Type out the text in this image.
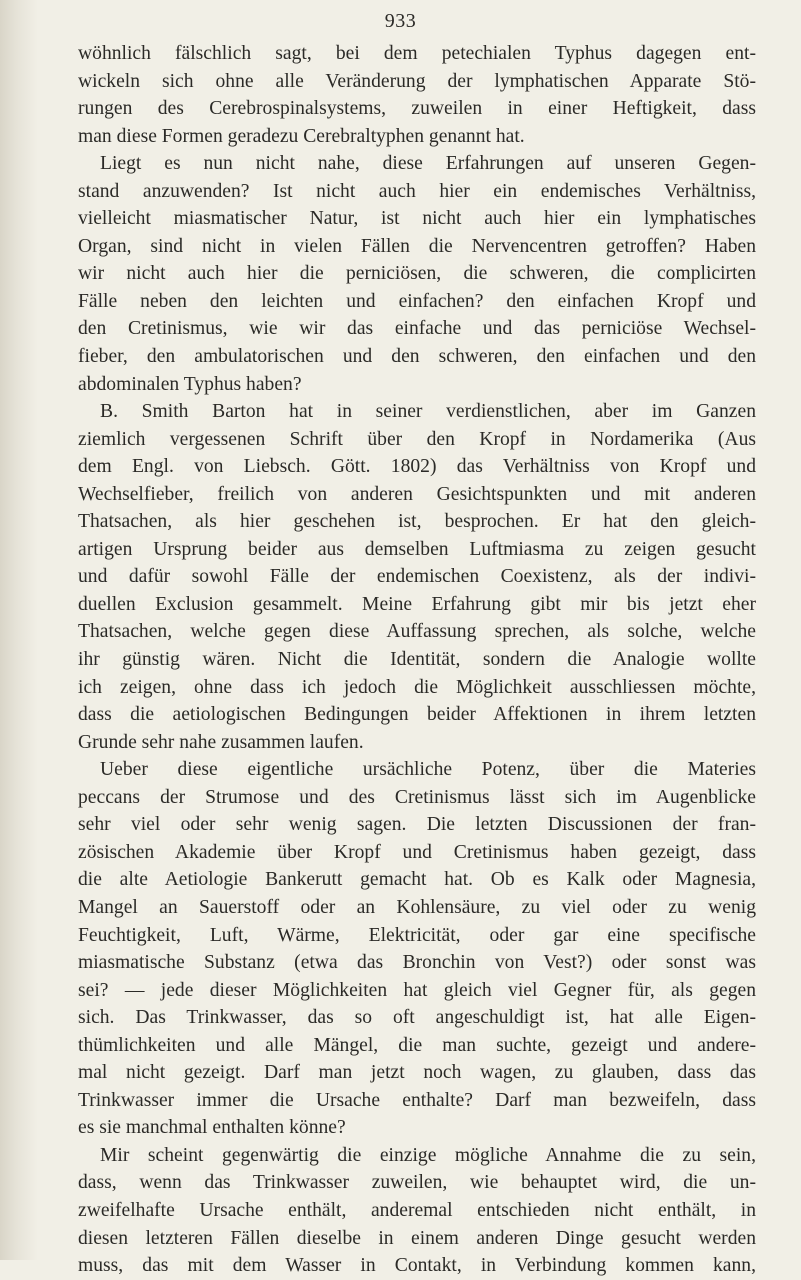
933
wöhnlich fälschlich sagt, bei dem petechialen Typhus dagegen ent-
wickeln sich ohne alle Veränderung der lymphatischen Apparate Stö-
rungen des Cerebrospinalsystems, zuweilen in einer Heftigkeit, dass
man diese Formen geradezu Cerebraltyphen genannt hat.
Liegt es nun nicht nahe, diese Erfahrungen auf unseren Gegen-
stand anzuwenden? Ist nicht auch hier ein endemisches Verhältniss,
vielleicht miasmatischer Natur, ist nicht auch hier ein lymphatisches
Organ, sind nicht in vielen Fällen die Nervencentren getroffen? Haben
wir nicht auch hier die perniciösen, die schweren, die complicirten
Fälle neben den leichten und einfachen? den einfachen Kropf und
den Cretinismus, wie wir das einfache und das perniciöse Wechsel-
fieber, den ambulatorischen und den schweren, den einfachen und den
abdominalen Typhus haben?
B. Smith Barton hat in seiner verdienstlichen, aber im Ganzen
ziemlich vergessenen Schrift über den Kropf in Nordamerika (Aus
dem Engl. von Liebsch. Gött. 1802) das Verhältniss von Kropf und
Wechselfieber, freilich von anderen Gesichtspunkten und mit anderen
Thatsachen, als hier geschehen ist, besprochen. Er hat den gleich-
artigen Ursprung beider aus demselben Luftmiasma zu zeigen gesucht
und dafür sowohl Fälle der endemischen Coexistenz, als der indivi-
duellen Exclusion gesammelt. Meine Erfahrung gibt mir bis jetzt eher
Thatsachen, welche gegen diese Auffassung sprechen, als solche, welche
ihr günstig wären. Nicht die Identität, sondern die Analogie wollte
ich zeigen, ohne dass ich jedoch die Möglichkeit ausschliessen möchte,
dass die aetiologischen Bedingungen beider Affektionen in ihrem letzten
Grunde sehr nahe zusammen laufen.
Ueber diese eigentliche ursächliche Potenz, über die Materies
peccans der Strumose und des Cretinismus lässt sich im Augenblicke
sehr viel oder sehr wenig sagen. Die letzten Discussionen der fran-
zösischen Akademie über Kropf und Cretinismus haben gezeigt, dass
die alte Aetiologie Bankerutt gemacht hat. Ob es Kalk oder Magnesia,
Mangel an Sauerstoff oder an Kohlensäure, zu viel oder zu wenig
Feuchtigkeit, Luft, Wärme, Elektricität, oder gar eine specifische
miasmatische Substanz (etwa das Bronchin von Vest?) oder sonst was
sei? — jede dieser Möglichkeiten hat gleich viel Gegner für, als gegen
sich. Das Trinkwasser, das so oft angeschuldigt ist, hat alle Eigen-
thümlichkeiten und alle Mängel, die man suchte, gezeigt und andere-
mal nicht gezeigt. Darf man jetzt noch wagen, zu glauben, dass das
Trinkwasser immer die Ursache enthalte? Darf man bezweifeln, dass
es sie manchmal enthalten könne?
Mir scheint gegenwärtig die einzige mögliche Annahme die zu sein,
dass, wenn das Trinkwasser zuweilen, wie behauptet wird, die un-
zweifelhafte Ursache enthält, anderemal entschieden nicht enthält, in
diesen letzteren Fällen dieselbe in einem anderen Dinge gesucht werden
muss, das mit dem Wasser in Contakt, in Verbindung kommen kann,
